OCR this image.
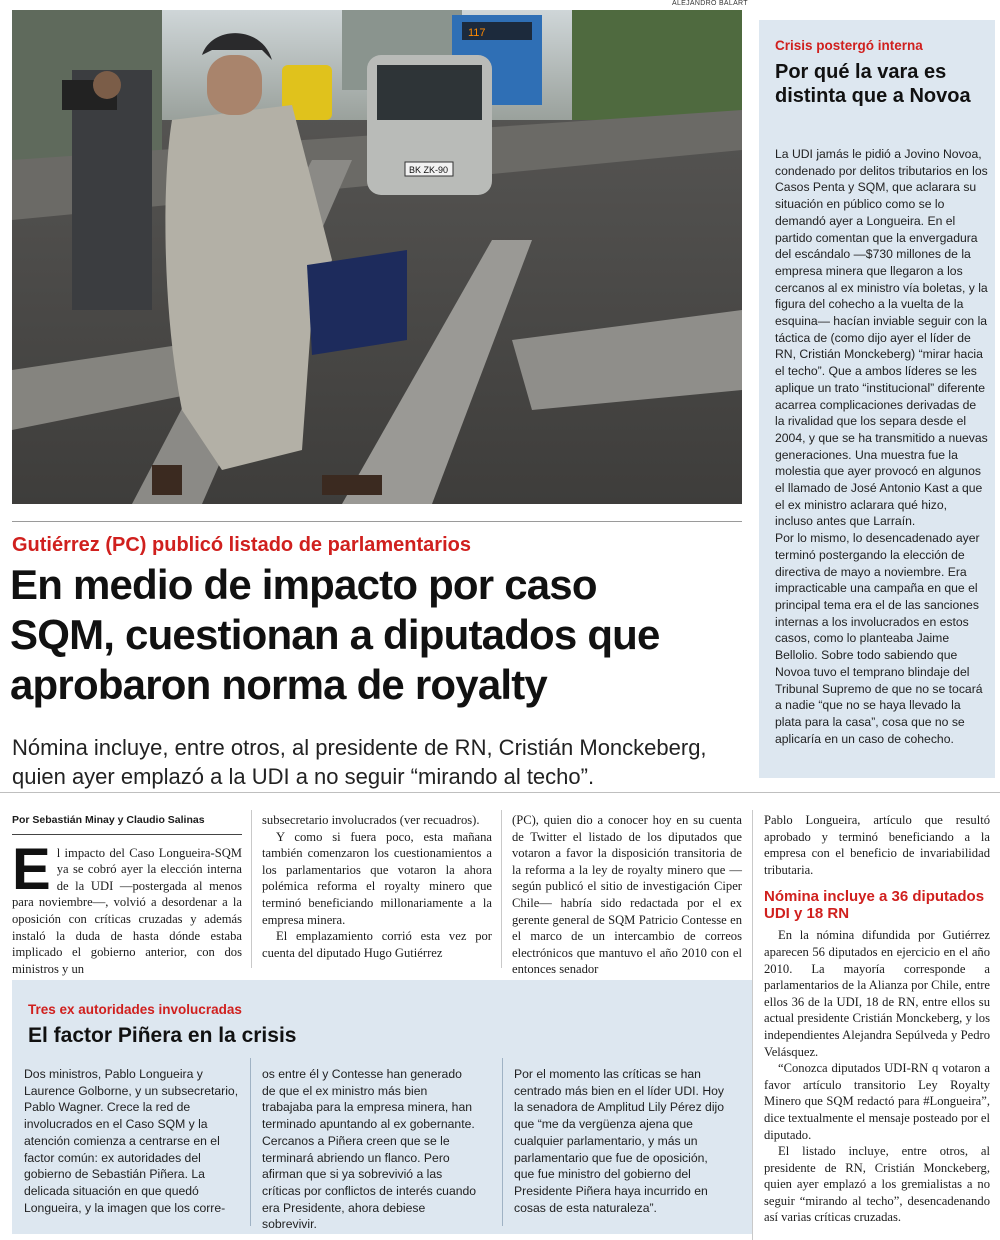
ALEJANDRO BALART
117
BK ZK-90
Gutiérrez (PC) publicó listado de parlamentarios
En medio de impacto por caso
SQM, cuestionan a diputados que
aprobaron norma de royalty
Nómina incluye, entre otros, al presidente de RN, Cristián Monckeberg,
quien ayer emplazó a la UDI a no seguir “mirando al techo”.
Crisis postergó interna
Por qué la vara es distinta que a Novoa

La UDI jamás le pidió a Jovino Novoa, condenado por delitos tributarios en los Casos Penta y SQM, que aclarara su situación en público como se lo demandó ayer a Longueira. En el partido comentan que la envergadura del escándalo —$730 millones de la empresa minera que llegaron a los cercanos al ex ministro vía boletas, y la figura del cohecho a la vuelta de la esquina— hacían inviable seguir con la táctica de (como dijo ayer el líder de RN, Cristián Monckeberg) “mirar hacia el techo”. Que a ambos líderes se les aplique un trato “institucional” diferente acarrea complicaciones derivadas de la rivalidad que los separa desde el 2004, y que se ha transmitido a nuevas generaciones. Una muestra fue la molestia que ayer provocó en algunos el llamado de José Antonio Kast a que el ex ministro aclarara qué hizo, incluso antes que Larraín.

Por lo mismo, lo desencadenado ayer terminó postergando la elección de directiva de mayo a noviembre. Era impracticable una campaña en que el principal tema era el de las sanciones internas a los involucrados en estos casos, como lo planteaba Jaime Bellolio. Sobre todo sabiendo que Novoa tuvo el temprano blindaje del Tribunal Supremo de que no se tocará a nadie “que no se haya llevado la plata para la casa”, cosa que no se aplicaría en un caso de cohecho.

Por Sebastián Minay y Claudio Salinas
E l impacto del Caso Longueira-SQM ya se cobró ayer la elección interna de la UDI —postergada al menos para noviembre—, volvió a desordenar a la oposición con críticas cruzadas y además instaló la duda de hasta dónde estaba implicado el gobierno anterior, con dos ministros y un

subsecretario involucrados (ver recuadros).

Y como si fuera poco, esta mañana también comenzaron los cuestionamientos a los parlamentarios que votaron la ahora polémica reforma el royalty minero que terminó beneficiando millonariamente a la empresa minera.

El emplazamiento corrió esta vez por cuenta del diputado Hugo Gutiérrez

(PC), quien dio a conocer hoy en su cuenta de Twitter el listado de los diputados que votaron a favor la disposición transitoria de la reforma a la ley de royalty minero que —según publicó el sitio de investigación Ciper Chile— habría sido redactada por el ex gerente general de SQM Patricio Contesse en el marco de un intercambio de correos electrónicos que mantuvo el año 2010 con el entonces senador

Pablo Longueira, artículo que resultó aprobado y terminó beneficiando a la empresa con el beneficio de invariabilidad tributaria.

Nómina incluye a 36 diputados UDI y 18 RN

En la nómina difundida por Gutiérrez aparecen 56 diputados en ejercicio en el año 2010. La mayoría corresponde a parlamentarios de la Alianza por Chile, entre ellos 36 de la UDI, 18 de RN, entre ellos su actual presidente Cristián Monckeberg, y los independientes Alejandra Sepúlveda y Pedro Velásquez.

“Conozca diputados UDI-RN q votaron a favor artículo transitorio Ley Royalty Minero que SQM redactó para #Longueira”, dice textualmente el mensaje posteado por el diputado.

El listado incluye, entre otros, al presidente de RN, Cristián Monckeberg, quien ayer emplazó a los gremialistas a no seguir “mirando al techo”, desencadenando así varias críticas cruzadas.

Tres ex autoridades involucradas
El factor Piñera en la crisis

Dos ministros, Pablo Longueira y Laurence Golborne, y un subsecretario, Pablo Wagner. Crece la red de involucrados en el Caso SQM y la atención comienza a centrarse en el factor común: ex autoridades del gobierno de Sebastián Piñera. La delicada situación en que quedó Longueira, y la imagen que los corre-

os entre él y Contesse han generado de que el ex ministro más bien trabajaba para la empresa minera, han terminado apuntando al ex gobernante.

Cercanos a Piñera creen que se le terminará abriendo un flanco. Pero afirman que si ya sobrevivió a las críticas por conflictos de interés cuando era Presidente, ahora debiese sobrevivir.

Por el momento las críticas se han centrado más bien en el líder UDI. Hoy la senadora de Amplitud Lily Pérez dijo que “me da vergüenza ajena que cualquier parlamentario, y más un parlamentario que fue de oposición, que fue ministro del gobierno del Presidente Piñera haya incurrido en cosas de esta naturaleza”.
